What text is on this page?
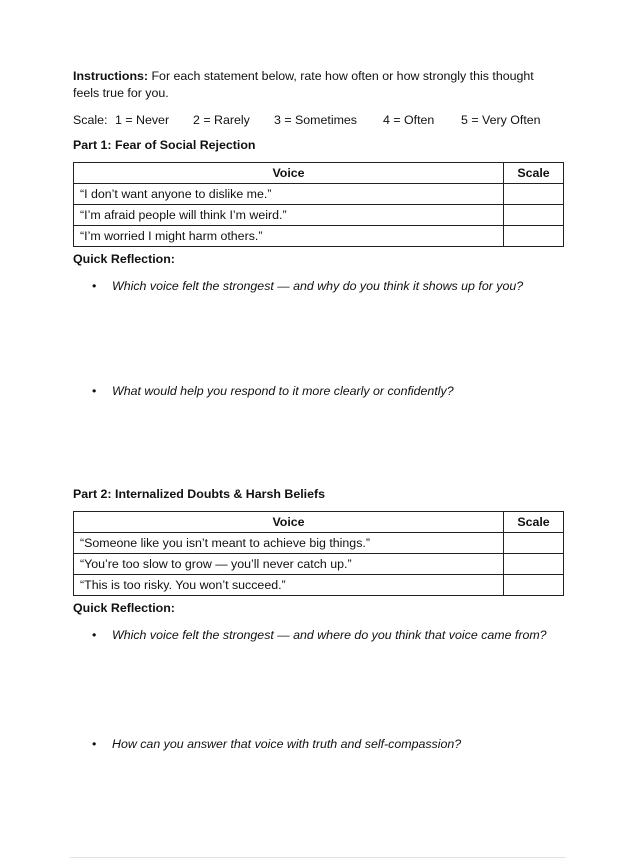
Instructions: For each statement below, rate how often or how strongly this thought feels true for you.
Scale: 1 = Never 2 = Rarely 3 = Sometimes 4 = Often 5 = Very Often
Part 1: Fear of Social Rejection
Voice	Scale
“I don’t want anyone to dislike me.”	
“I’m afraid people will think I’m weird.”	
“I’m worried I might harm others.”	
Quick Reflection:
• Which voice felt the strongest — and why do you think it shows up for you?
• What would help you respond to it more clearly or confidently?
Part 2: Internalized Doubts & Harsh Beliefs
Voice	Scale
“Someone like you isn’t meant to achieve big things.”	
“You’re too slow to grow — you’ll never catch up.”	
“This is too risky. You won’t succeed.”	
Quick Reflection:
• Which voice felt the strongest — and where do you think that voice came from?
• How can you answer that voice with truth and self-compassion?
